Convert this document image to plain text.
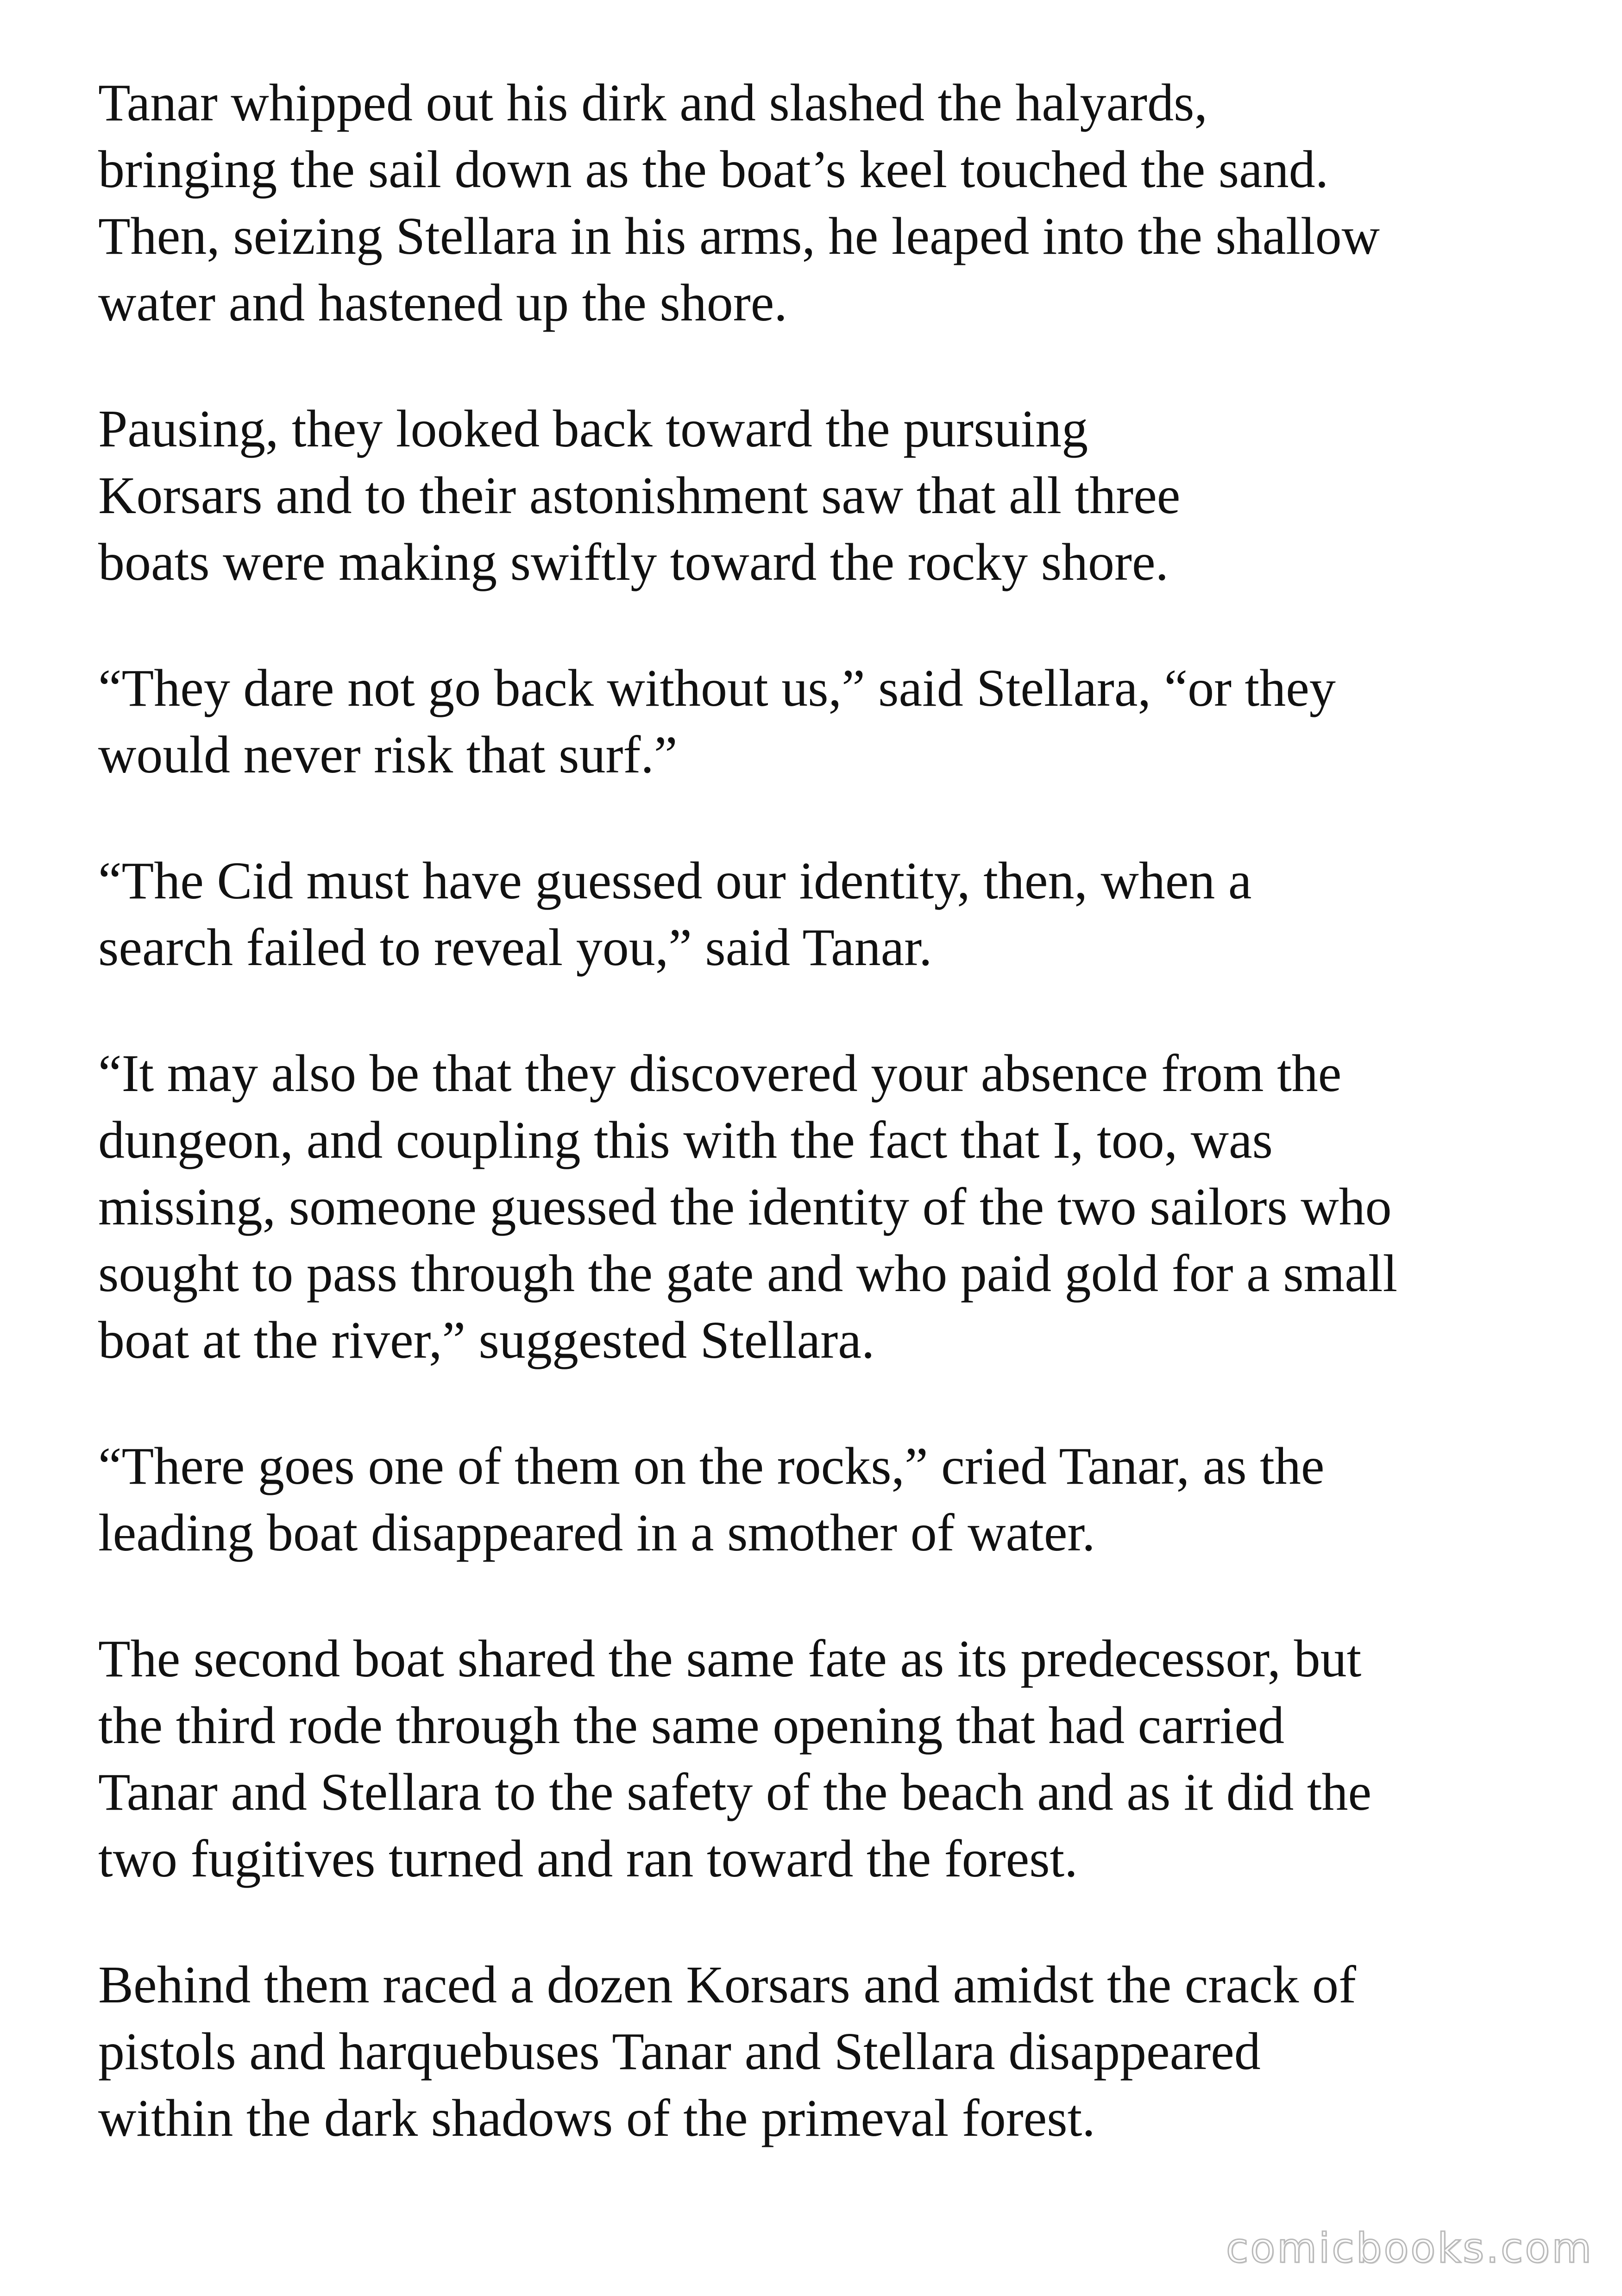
Tanar whipped out his dirk and slashed the halyards,

bringing the sail down as the boat’s keel touched the sand.

Then, seizing Stellara in his arms, he leaped into the shallow

water and hastened up the shore.

Pausing, they looked back toward the pursuing

Korsars and to their astonishment saw that all three

boats were making swiftly toward the rocky shore.

“They dare not go back without us,” said Stellara, “or they

would never risk that surf.”

“The Cid must have guessed our identity, then, when a

search failed to reveal you,” said Tanar.

“It may also be that they discovered your absence from the

dungeon, and coupling this with the fact that I, too, was

missing, someone guessed the identity of the two sailors who

sought to pass through the gate and who paid gold for a small

boat at the river,” suggested Stellara.

“There goes one of them on the rocks,” cried Tanar, as the

leading boat disappeared in a smother of water.

The second boat shared the same fate as its predecessor, but

the third rode through the same opening that had carried

Tanar and Stellara to the safety of the beach and as it did the

two fugitives turned and ran toward the forest.

Behind them raced a dozen Korsars and amidst the crack of

pistols and harquebuses Tanar and Stellara disappeared

within the dark shadows of the primeval forest.

comicbooks.com
